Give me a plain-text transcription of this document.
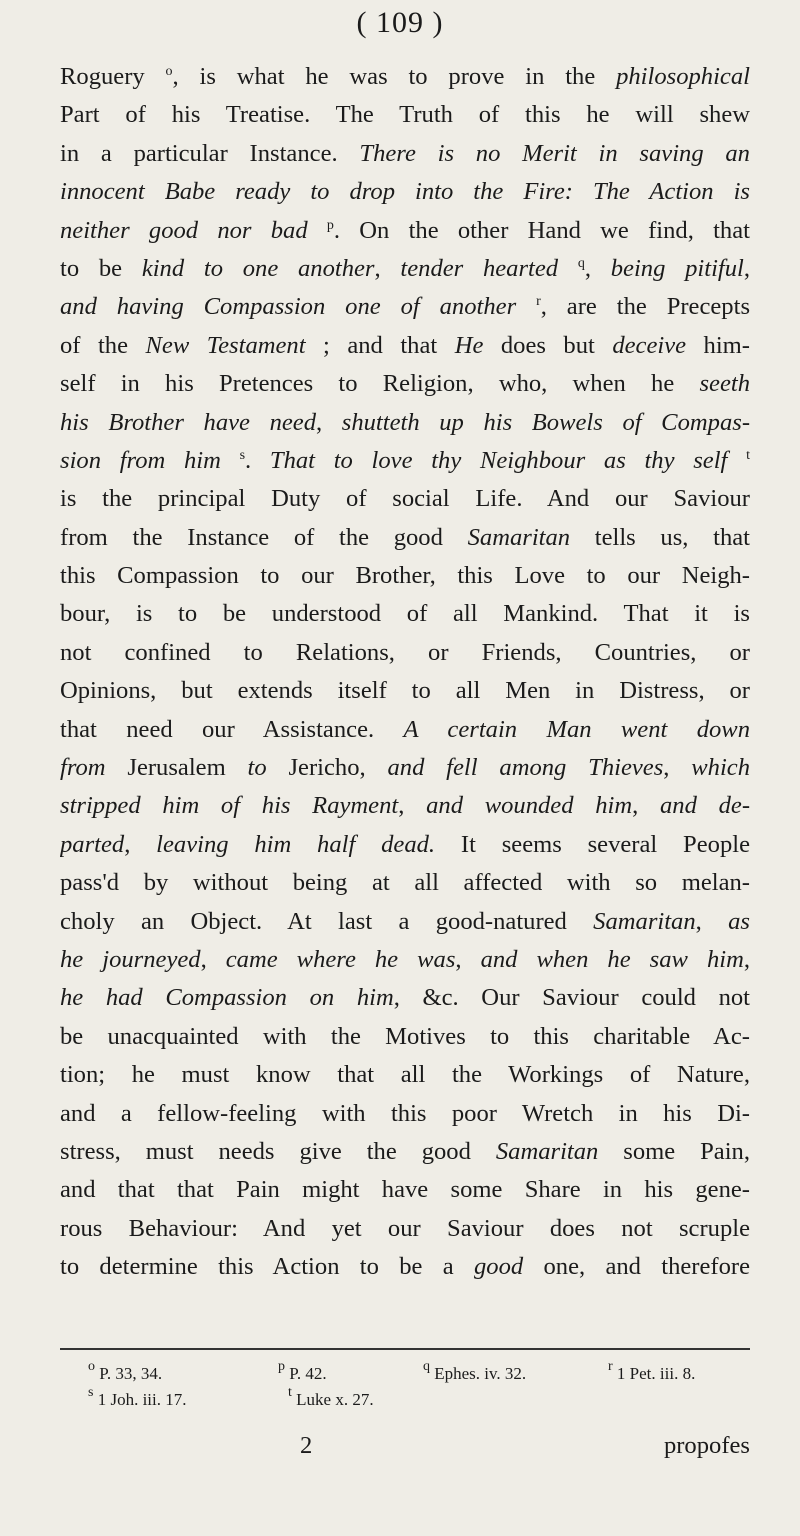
( 109 )
Roguery $^o$, is what he was to prove in the philosophical
Part of his Treatise. The Truth of this he will shew
in a particular Instance. There is no Merit in saving an
innocent Babe ready to drop into the Fire: The Action is
neither good nor bad $^p$. On the other Hand we find, that
to be kind to one another, tender hearted $^q$, being pitiful,
and having Compassion one of another $^r$, are the Precepts
of the New Testament ; and that He does but deceive him-
self in his Pretences to Religion, who, when he seeth
his Brother have need, shutteth up his Bowels of Compas-
sion from him $^s$. That to love thy Neighbour as thy self $^t$
is the principal Duty of social Life. And our Saviour
from the Instance of the good Samaritan tells us, that
this Compassion to our Brother, this Love to our Neigh-
bour, is to be understood of all Mankind. That it is
not confined to Relations, or Friends, Countries, or
Opinions, but extends itself to all Men in Distress, or
that need our Assistance. A certain Man went down
from Jerusalem to Jericho, and fell among Thieves, which
stripped him of his Rayment, and wounded him, and de-
parted, leaving him half dead. It seems several People
pass'd by without being at all affected with so melan-
choly an Object. At last a good-natured Samaritan, as
he journeyed, came where he was, and when he saw him,
he had Compassion on him, &c. Our Saviour could not
be unacquainted with the Motives to this charitable Ac-
tion; he must know that all the Workings of Nature,
and a fellow-feeling with this poor Wretch in his Di-
stress, must needs give the good Samaritan some Pain,
and that that Pain might have some Share in his gene-
rous Behaviour: And yet our Saviour does not scruple
to determine this Action to be a good one, and therefore
$^o$ P. 33, 34.	$^p$ P. 42.	$^q$ Ephes. iv. 32.	$^r$ 1 Pet. iii. 8.
$^s$ 1 Joh. iii. 17.	$^t$ Luke x. 27.
2	propofes
